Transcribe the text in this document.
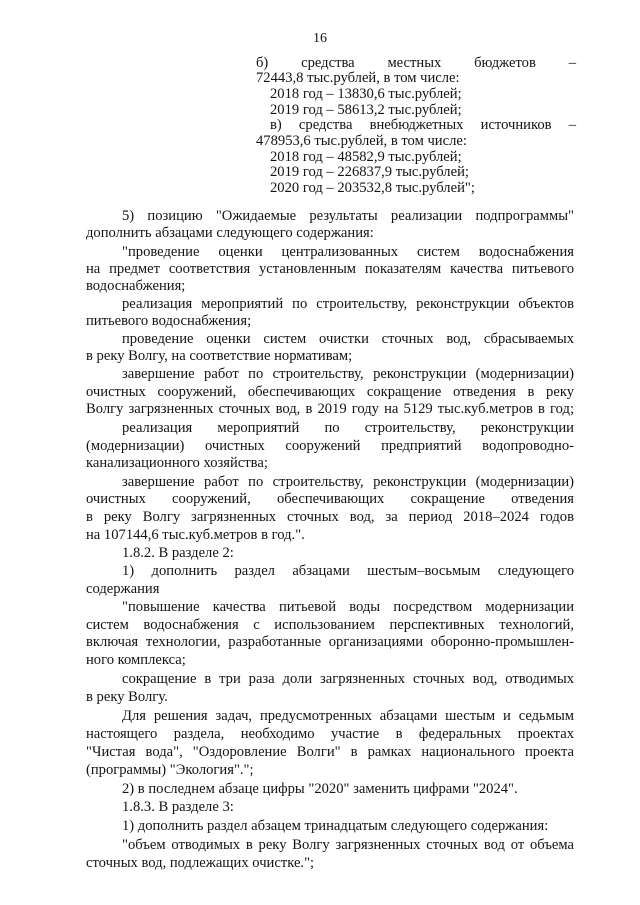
16
б) средства местных бюджетов –
72443,8 тыс.рублей, в том числе:
2018 год – 13830,6 тыс.рублей;
2019 год – 58613,2 тыс.рублей;
в) средства внебюджетных источников –
478953,6 тыс.рублей, в том числе:
2018 год – 48582,9 тыс.рублей;
2019 год – 226837,9 тыс.рублей;
2020 год – 203532,8 тыс.рублей";
5) позицию "Ожидаемые результаты реализации подпрограммы"
дополнить абзацами следующего содержания:
"проведение оценки централизованных систем водоснабжения
на предмет соответствия установленным показателям качества питьевого
водоснабжения;
реализация мероприятий по строительству, реконструкции объектов
питьевого водоснабжения;
проведение оценки систем очистки сточных вод, сбрасываемых
в реку Волгу, на соответствие нормативам;
завершение работ по строительству, реконструкции (модернизации)
очистных сооружений, обеспечивающих сокращение отведения в реку
Волгу загрязненных сточных вод, в 2019 году на 5129 тыс.куб.метров в год;
реализация мероприятий по строительству, реконструкции
(модернизации) очистных сооружений предприятий водопроводно-
канализационного хозяйства;
завершение работ по строительству, реконструкции (модернизации)
очистных сооружений, обеспечивающих сокращение отведения
в реку Волгу загрязненных сточных вод, за период 2018–2024 годов
на 107144,6 тыс.куб.метров в год.".
1.8.2. В разделе 2:
1) дополнить раздел абзацами шестым–восьмым следующего
содержания
"повышение качества питьевой воды посредством модернизации
систем водоснабжения с использованием перспективных технологий,
включая технологии, разработанные организациями оборонно-промышлен-
ного комплекса;
сокращение в три раза доли загрязненных сточных вод, отводимых
в реку Волгу.
Для решения задач, предусмотренных абзацами шестым и седьмым
настоящего раздела, необходимо участие в федеральных проектах
"Чистая вода", "Оздоровление Волги" в рамках национального проекта
(программы) "Экология".";
2) в последнем абзаце цифры "2020" заменить цифрами "2024".
1.8.3. В разделе 3:
1) дополнить раздел абзацем тринадцатым следующего содержания:
"объем отводимых в реку Волгу загрязненных сточных вод от объема
сточных вод, подлежащих очистке.";
